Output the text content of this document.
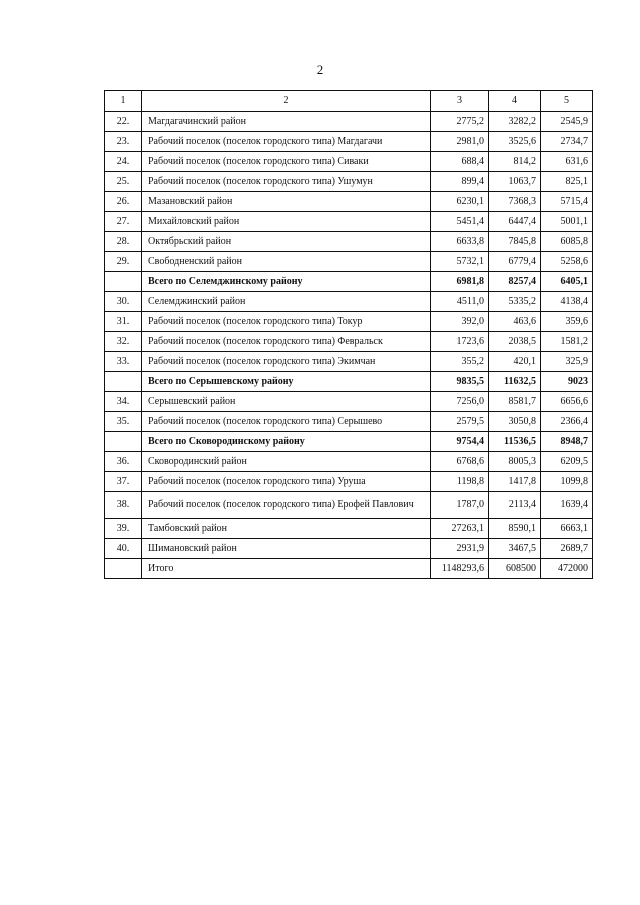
2
1	2	3	4	5
22.	Магдагачинский район	2775,2	3282,2	2545,9
23.	Рабочий поселок (поселок городского типа) Магдагачи	2981,0	3525,6	2734,7
24.	Рабочий поселок (поселок городского типа) Сиваки	688,4	814,2	631,6
25.	Рабочий поселок (поселок городского типа) Ушумун	899,4	1063,7	825,1
26.	Мазановский район	6230,1	7368,3	5715,4
27.	Михайловский район	5451,4	6447,4	5001,1
28.	Октябрьский район	6633,8	7845,8	6085,8
29.	Свободненский район	5732,1	6779,4	5258,6
	Всего по Селемджинскому району	6981,8	8257,4	6405,1
30.	Селемджинский район	4511,0	5335,2	4138,4
31.	Рабочий поселок (поселок городского типа) Токур	392,0	463,6	359,6
32.	Рабочий поселок (поселок городского типа) Февральск	1723,6	2038,5	1581,2
33.	Рабочий поселок (поселок городского типа) Экимчан	355,2	420,1	325,9
	Всего по Серышевскому району	9835,5	11632,5	9023
34.	Серышевский район	7256,0	8581,7	6656,6
35.	Рабочий поселок (поселок городского типа) Серышево	2579,5	3050,8	2366,4
	Всего по Сковородинскому району	9754,4	11536,5	8948,7
36.	Сковородинский район	6768,6	8005,3	6209,5
37.	Рабочий поселок (поселок городского типа) Уруша	1198,8	1417,8	1099,8
38.	Рабочий поселок (поселок городского типа) Ерофей Павлович	1787,0	2113,4	1639,4
39.	Тамбовский район	27263,1	8590,1	6663,1
40.	Шимановский район	2931,9	3467,5	2689,7
	Итого	1148293,6	608500	472000
